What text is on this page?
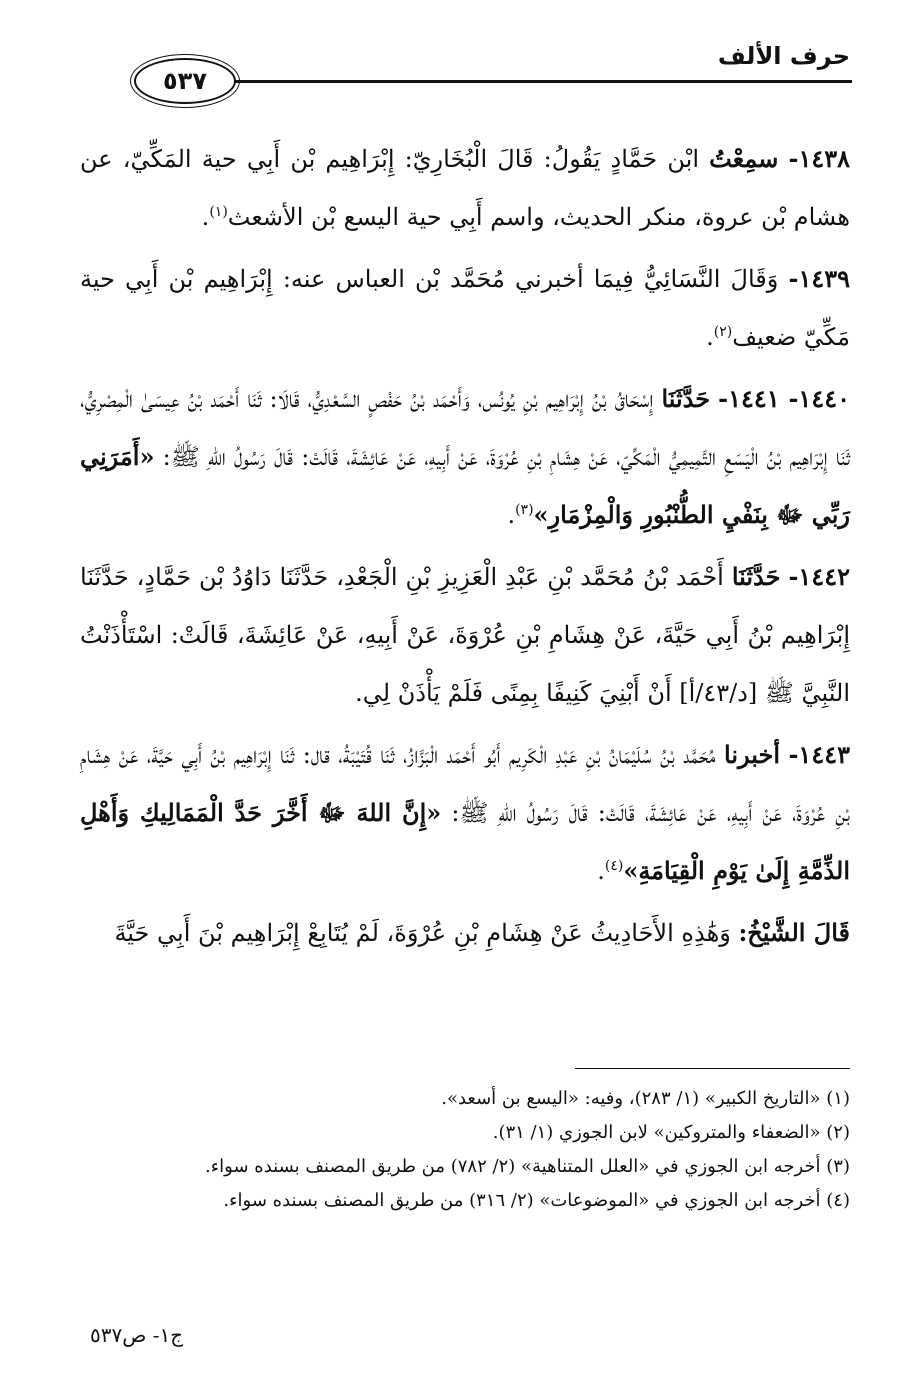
حرف الألف
٥٣٧

١٤٣٨- سمِعْتُ ابْن حَمَّادٍ يَقُولُ: قَالَ الْبُخَارِيّ: إِبْرَاهِيم بْن أَبِي حية المَكِّيّ، عن هشام بْن عروة، منكر الحديث، واسم أَبِي حية اليسع بْن الأشعث$^{(١)}$.

١٤٣٩- وَقَالَ النَّسَائِيُّ فِيمَا أخبرني مُحَمَّد بْن العباس عنه: إِبْرَاهِيم بْن أَبِي حية مَكِّيّ ضعيف$^{(٢)}$.

١٤٤٠- ١٤٤١- حَدَّثَنَا إِسْحَاقُ بْنُ إِبْرَاهِيم بْنِ يُونُس، وَأَحْمَد بْنُ حَفْصٍ السَّعْدِيُّ، قَالَا: ثَنَا أَحْمَد بْنُ عِيسَىٰ الْمِصْرِيُّ، ثَنَا إِبْرَاهِيم بْنُ الْيَسَعِ التَّمِيمِيُّ الْمَكِّيّ، عَنْ هِشَامِ بْنِ عُرْوَةَ، عَنْ أَبِيهِ، عَنْ عَائِشَةَ، قَالَتْ: قَالَ رَسُولُ اللهِ ﷺ: «أَمَرَنِي رَبِّي ﷻ بِنَفْيِ الطُّنْبُورِ وَالْمِزْمَارِ»$^{(٣)}$.

١٤٤٢- حَدَّثَنَا أَحْمَد بْنُ مُحَمَّد بْنِ عَبْدِ الْعَزِيزِ بْنِ الْجَعْدِ، حَدَّثَنَا دَاوُدُ بْن حَمَّادٍ، حَدَّثَنَا إِبْرَاهِيم بْنُ أَبِي حَيَّةَ، عَنْ هِشَامِ بْنِ عُرْوَةَ، عَنْ أَبِيهِ، عَنْ عَائِشَةَ، قَالَتْ: اسْتَأْذَنْتُ النَّبِيَّ ﷺ [د/٤٣/أ] أَنْ أَبْنِيَ كَنِيفًا بِمِنًى فَلَمْ يَأْذَنْ لِي.

١٤٤٣- أخبرنا مُحَمَّد بْنُ سُلَيْمَانُ بْنِ عَبْدِ الْكَرِيم أَبُو أَحْمَد الْبَزَّازُ، ثَنَا قُتَيْبَةُ، قال: ثَنَا إِبْرَاهِيم بْنُ أَبِي حَيَّةَ، عَنْ هِشَامِ بْنِ عُرْوَةَ، عَنْ أَبِيهِ، عَنْ عَائِشَةَ، قَالَتْ: قَالَ رَسُولُ اللهِ ﷺ: «إِنَّ اللهَ ﷻ أَخَّرَ حَدَّ الْمَمَالِيكِ وَأَهْلِ الذِّمَّةِ إِلَىٰ يَوْمِ الْقِيَامَةِ»$^{(٤)}$.

قَالَ الشَّيْخُ: وَهَٰذِهِ الأَحَادِيثُ عَنْ هِشَامِ بْنِ عُرْوَةَ، لَمْ يُتَابِعْ إِبْرَاهِيم بْنَ أَبِي حَيَّةَ

(١) «التاريخ الكبير» (١/ ٢٨٣)، وفيه: «اليسع بن أسعد».
(٢) «الضعفاء والمتروكين» لابن الجوزي (١/ ٣١).
(٣) أخرجه ابن الجوزي في «العلل المتناهية» (٢/ ٧٨٢) من طريق المصنف بسنده سواء.
(٤) أخرجه ابن الجوزي في «الموضوعات» (٢/ ٣١٦) من طريق المصنف بسنده سواء.
ج١- ص٥٣٧
